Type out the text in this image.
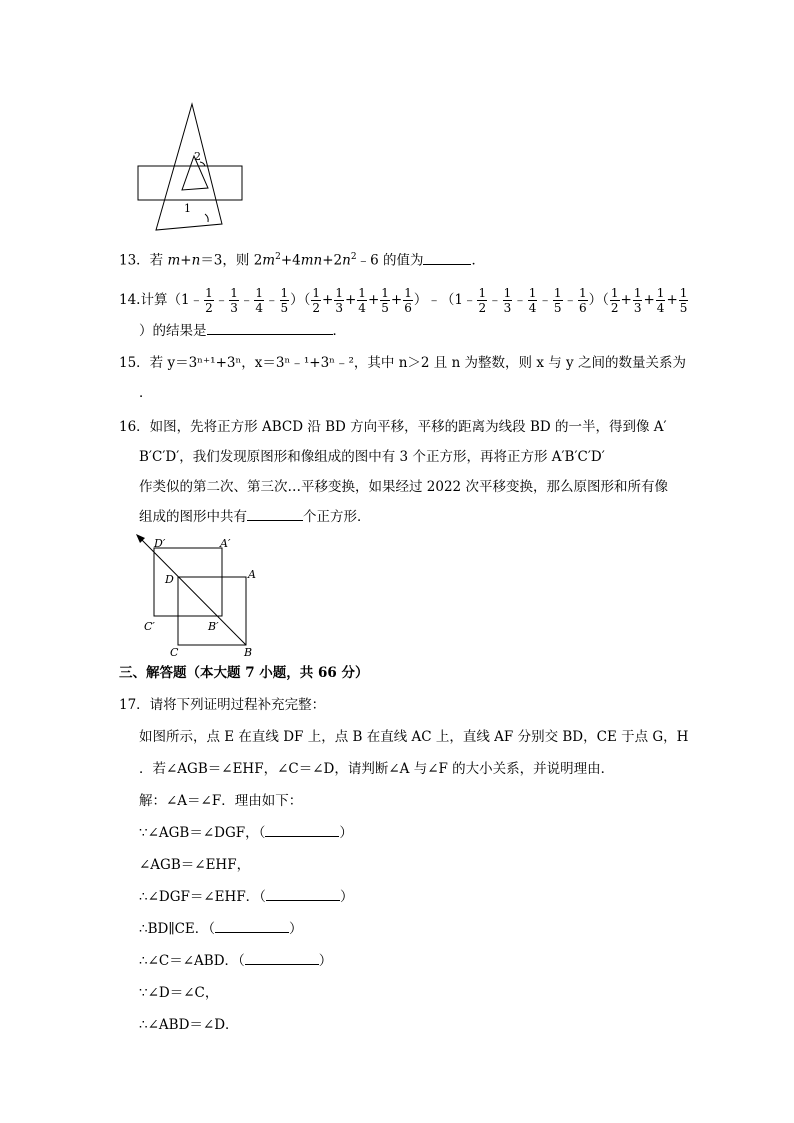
2
1
13．若 m+n＝3，则 $2m^2+4mn+2n^2﹣6$ 的值为	．
14.计算（1﹣ $\frac{1}{2}$ ﹣ $\frac{1}{3}$ ﹣ $\frac{1}{4}$ ﹣ $\frac{1}{5}$ ）（ $\frac{1}{2} + \frac{1}{3} + \frac{1}{4} + \frac{1}{5} + \frac{1}{6}$ ）﹣（1﹣ $\frac{1}{2}$ ﹣ $\frac{1}{3}$ ﹣ $\frac{1}{4}$ ﹣ $\frac{1}{5}$ ﹣ $\frac{1}{6}$ ）（ $\frac{1}{2} + \frac{1}{3} + \frac{1}{4} + \frac{1}{5}$
）的结果是	．
15．若 y＝3ⁿ⁺¹+3ⁿ，x＝3ⁿ﹣¹+3ⁿ﹣²，其中 n＞2 且 n 为整数，则 x 与 y 之间的数量关系为
．
16．如图，先将正方形 ABCD 沿 BD 方向平移，平移的距离为线段 BD 的一半，得到像 A′
B′C′D′，我们发现原图形和像组成的图中有 3 个正方形，再将正方形 A′B′C′D′
作类似的第二次、第三次…平移变换，如果经过 2022 次平移变换，那么原图形和所有像
组成的图形中共有	个正方形．
D′	A′
D	A
C′	B′
C	B
三、解答题（本大题 7 小题，共 66 分）
17．请将下列证明过程补充完整：
如图所示，点 E 在直线 DF 上，点 B 在直线 AC 上，直线 AF 分别交 BD，CE 于点 G，H
．若∠AGB＝∠EHF，∠C＝∠D，请判断∠A 与∠F 的大小关系，并说明理由．
解：∠A＝∠F．理由如下：
∵∠AGB＝∠DGF，（	）
∠AGB＝∠EHF，
∴∠DGF＝∠EHF．（	）
∴BD∥CE．（	）
∴∠C＝∠ABD．（	）
∵∠D＝∠C，
∴∠ABD＝∠D．
